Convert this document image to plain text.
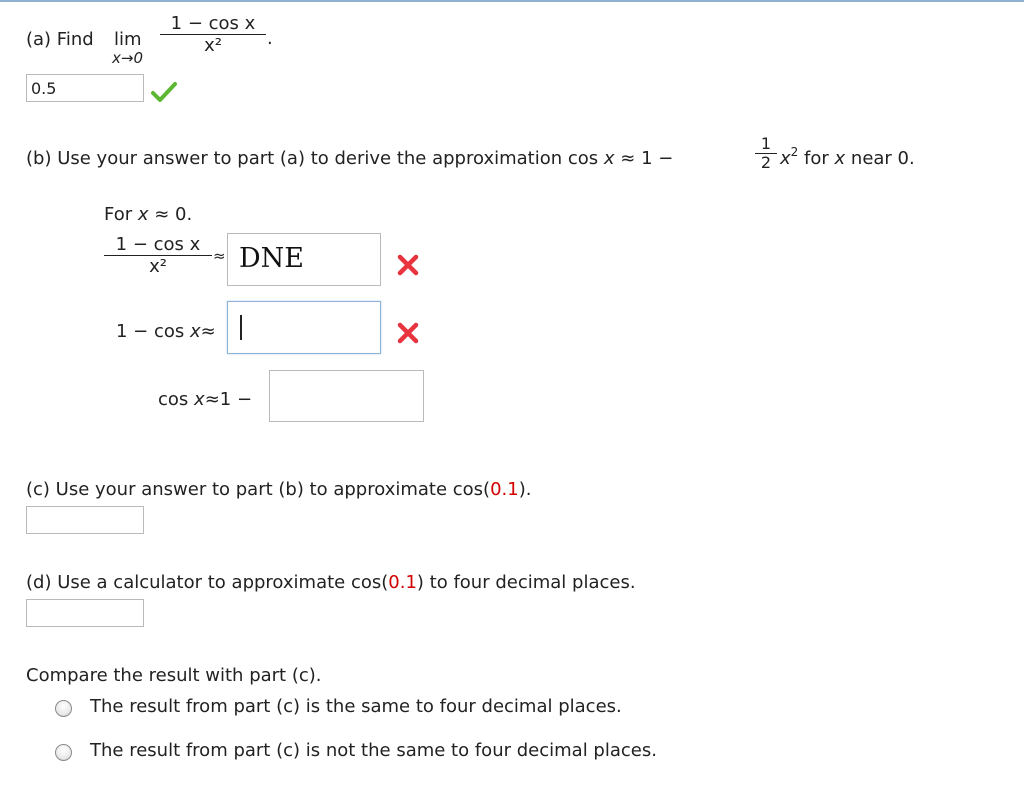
(a) Find lim
x→0
1 − cos x
x²	.
0.5
(b) Use your answer to part (a) to derive the approximation cos x ≈ 1 −
1
2 $x^2$ for x near 0.
For x ≈ 0.
1 − cos x
x²	≈ DNE
1 − cos x≈
cos x≈1 −
(c) Use your answer to part (b) to approximate cos(0.1).
(d) Use a calculator to approximate cos(0.1) to four decimal places.
Compare the result with part (c).
The result from part (c) is the same to four decimal places.
The result from part (c) is not the same to four decimal places.
